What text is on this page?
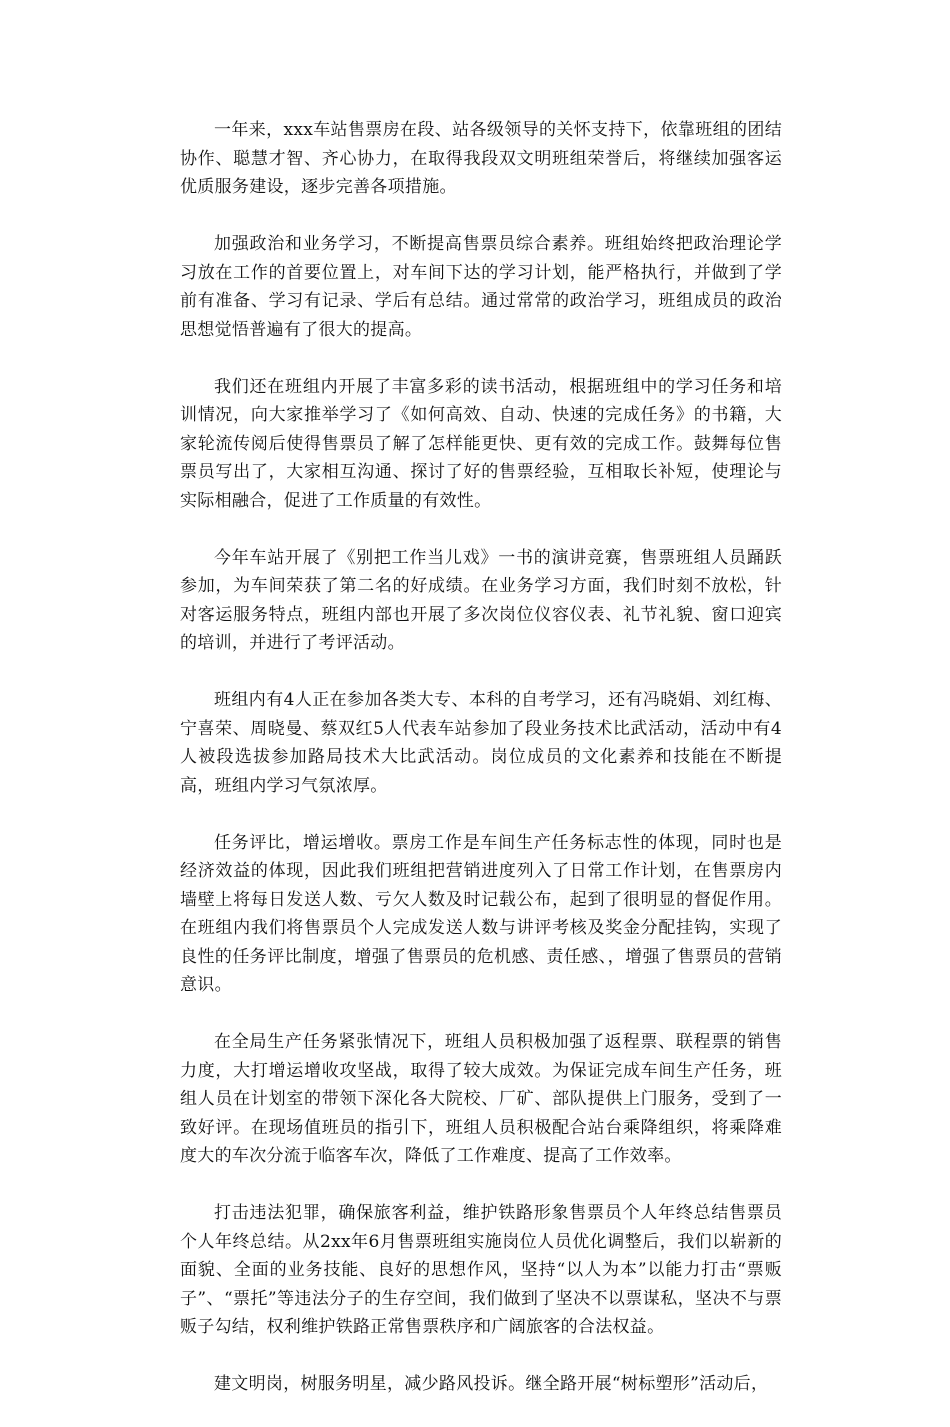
一年来，xxx车站售票房在段、站各级领导的关怀支持下，依靠班组的团结协作、聪慧才智、齐心协力，在取得我段双文明班组荣誉后，将继续加强客运优质服务建设，逐步完善各项措施。

加强政治和业务学习，不断提高售票员综合素养。班组始终把政治理论学习放在工作的首要位置上，对车间下达的学习计划，能严格执行，并做到了学前有准备、学习有记录、学后有总结。通过常常的政治学习，班组成员的政治思想觉悟普遍有了很大的提高。

我们还在班组内开展了丰富多彩的读书活动，根据班组中的学习任务和培训情况，向大家推举学习了《如何高效、自动、快速的完成任务》的书籍，大家轮流传阅后使得售票员了解了怎样能更快、更有效的完成工作。鼓舞每位售票员写出了，大家相互沟通、探讨了好的售票经验，互相取长补短，使理论与实际相融合，促进了工作质量的有效性。

今年车站开展了《别把工作当儿戏》一书的演讲竞赛，售票班组人员踊跃参加，为车间荣获了第二名的好成绩。在业务学习方面，我们时刻不放松，针对客运服务特点，班组内部也开展了多次岗位仪容仪表、礼节礼貌、窗口迎宾的培训，并进行了考评活动。

班组内有4人正在参加各类大专、本科的自考学习，还有冯晓娟、刘红梅、宁喜荣、周晓曼、蔡双红5人代表车站参加了段业务技术比武活动，活动中有4人被段选拔参加路局技术大比武活动。岗位成员的文化素养和技能在不断提高，班组内学习气氛浓厚。

任务评比，增运增收。票房工作是车间生产任务标志性的体现，同时也是经济效益的体现，因此我们班组把营销进度列入了日常工作计划，在售票房内墙壁上将每日发送人数、亏欠人数及时记载公布，起到了很明显的督促作用。在班组内我们将售票员个人完成发送人数与讲评考核及奖金分配挂钩，实现了良性的任务评比制度，增强了售票员的危机感、责任感、，增强了售票员的营销意识。

在全局生产任务紧张情况下，班组人员积极加强了返程票、联程票的销售力度，大打增运增收攻坚战，取得了较大成效。为保证完成车间生产任务，班组人员在计划室的带领下深化各大院校、厂矿、部队提供上门服务，受到了一致好评。在现场值班员的指引下，班组人员积极配合站台乘降组织，将乘降难度大的车次分流于临客车次，降低了工作难度、提高了工作效率。

打击违法犯罪，确保旅客利益，维护铁路形象售票员个人年终总结售票员个人年终总结。从2xx年6月售票班组实施岗位人员优化调整后，我们以崭新的面貌、全面的业务技能、良好的思想作风，坚持“以人为本”以能力打击“票贩子”、“票托”等违法分子的生存空间，我们做到了坚决不以票谋私，坚决不与票贩子勾结，权利维护铁路正常售票秩序和广阔旅客的合法权益。

建文明岗，树服务明星，减少路风投诉。继全路开展“树标塑形”活动后，
